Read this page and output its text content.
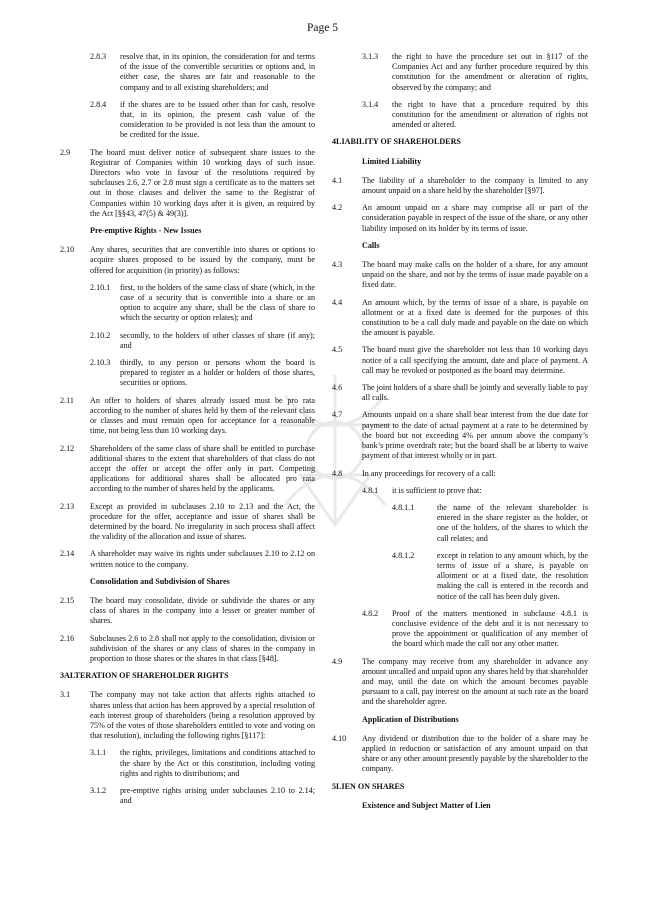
Page 5
2.8.3	resolve that, in its opinion, the consideration for and terms of the issue of the convertible securities or options and, in either case, the shares are fair and reasonable to the company and to all existing shareholders; and
2.8.4	if the shares are to be issued other than for cash, resolve that, in its opinion, the present cash value of the consideration to be provided is not less than the amount to be credited for the issue.
2.9	The board must deliver notice of subsequent share issues to the Registrar of Companies within 10 working days of such issue. Directors who vote in favour of the resolutions required by subclauses 2.6, 2.7 or 2.8 must sign a certificate as to the matters set out in those clauses and deliver the same to the Registrar of Companies within 10 working days after it is given, as required by the Act [§§43, 47(5) & 49(3)].
Pre-emptive Rights - New Issues
2.10	Any shares, securities that are convertible into shares or options to acquire shares proposed to be issued by the company, must be offered for acquisition (in priority) as follows:
2.10.1	first, to the holders of the same class of share (which, in the case of a security that is convertible into a share or an option to acquire any share, shall be the class of share to which the security or option relates); and
2.10.2	secondly, to the holders of other classes of share (if any); and
2.10.3	thirdly, to any person or persons whom the board is prepared to register as a holder or holders of those shares, securities or options.
2.11	An offer to holders of shares already issued must be pro rata according to the number of shares held by them of the relevant class or classes and must remain open for acceptance for a reasonable time, not being less than 10 working days.
2.12	Shareholders of the same class of share shall be entitled to purchase additional shares to the extent that shareholders of that class do not accept the offer or accept the offer only in part. Competing applications for additional shares shall be allocated pro rata according to the number of shares held by the applicants.
2.13	Except as provided in subclauses 2.10 to 2.13 and the Act, the procedure for the offer, acceptance and issue of shares shall be determined by the board. No irregularity in such process shall affect the validity of the allocation and issue of shares.
2.14	A shareholder may waive its rights under subclauses 2.10 to 2.12 on written notice to the company.
Consolidation and Subdivision of Shares
2.15	The board may consolidate, divide or subdivide the shares or any class of shares in the company into a lesser or greater number of shares.
2.16	Subclauses 2.6 to 2.8 shall not apply to the consolidation, division or subdivision of the shares or any class of shares in the company in proportion to those shares or the shares in that class [§48].
3 ALTERATION OF SHAREHOLDER RIGHTS
3.1	The company may not take action that affects rights attached to shares unless that action has been approved by a special resolution of each interest group of shareholders (being a resolution approved by 75% of the votes of those shareholders entitled to vote and voting on that resolution), including the following rights [§117]:
3.1.1	the rights, privileges, limitations and conditions attached to the share by the Act or this constitution, including voting rights and rights to distributions; and
3.1.2	pre-emptive rights arising under subclauses 2.10 to 2.14; and
3.1.3	the right to have the procedure set out in §117 of the Companies Act and any further procedure required by this constitution for the amendment or alteration of rights, observed by the company; and
3.1.4	the right to have that a procedure required by this constitution for the amendment or alteration of rights not amended or altered.
4 LIABILITY OF SHAREHOLDERS
Limited Liability
4.1	The liability of a shareholder to the company is limited to any amount unpaid on a share held by the shareholder [§97].
4.2	An amount unpaid on a share may comprise all or part of the consideration payable in respect of the issue of the share, or any other liability imposed on its holder by its terms of issue.
Calls
4.3	The board may make calls on the holder of a share, for any amount unpaid on the share, and not by the terms of issue made payable on a fixed date.
4.4	An amount which, by the terms of issue of a share, is payable on allotment or at a fixed date is deemed for the purposes of this constitution to be a call duly made and payable on the date on which the amount is payable.
4.5	The board must give the shareholder not less than 10 working days notice of a call specifying the amount, date and place of payment. A call may be revoked or postponed as the board may determine.
4.6	The joint holders of a share shall be jointly and severally liable to pay all calls.
4.7	Amounts unpaid on a share shall bear interest from the due date for payment to the date of actual payment at a rate to be determined by the board but not exceeding 4% per annum above the company’s bank’s prime overdraft rate; but the board shall be at liberty to waive payment of that interest wholly or in part.
4.8	In any proceedings for recovery of a call:
4.8.1	it is sufficient to prove that:
4.8.1.1	the name of the relevant shareholder is entered in the share register as the holder, or one of the holders, of the shares to which the call relates; and
4.8.1.2	except in relation to any amount which, by the terms of issue of a share, is payable on allotment or at a fixed date, the resolution making the call is entered in the records and notice of the call has been duly given.
4.8.2	Proof of the matters mentioned in subclause 4.8.1 is conclusive evidence of the debt and it is not necessary to prove the appointment or qualification of any member of the board which made the call nor any other matter.
4.9	The company may receive from any shareholder in advance any amount uncalled and unpaid upon any shares held by that shareholder and may, until the date on which the amount becomes payable pursuant to a call, pay interest on the amount at such rate as the board and the shareholder agree.
Application of Distributions
4.10	Any dividend or distribution due to the holder of a share may be applied in reduction or satisfaction of any amount unpaid on that share or any other amount presently payable by the shareholder to the company.
5 LIEN ON SHARES
Existence and Subject Matter of Lien
